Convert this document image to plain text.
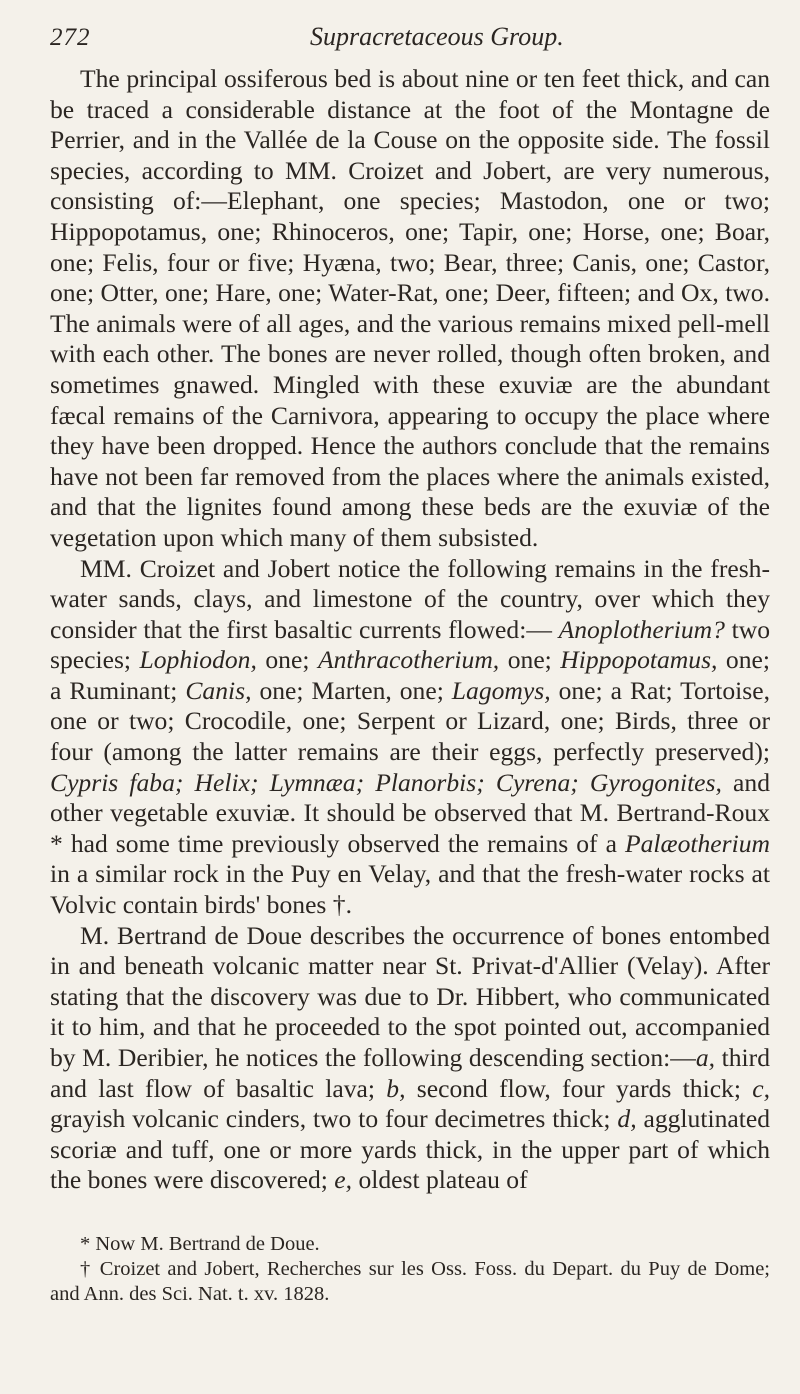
272	Supracretaceous Group.

The principal ossiferous bed is about nine or ten feet thick, and can be traced a considerable distance at the foot of the Montagne de Perrier, and in the Vallée de la Couse on the opposite side. The fossil species, according to MM. Croizet and Jobert, are very numerous, consisting of:—Elephant, one species; Mastodon, one or two; Hippopotamus, one; Rhinoceros, one; Tapir, one; Horse, one; Boar, one; Felis, four or five; Hyæna, two; Bear, three; Canis, one; Castor, one; Otter, one; Hare, one; Water-Rat, one; Deer, fifteen; and Ox, two. The animals were of all ages, and the various remains mixed pell-mell with each other. The bones are never rolled, though often broken, and sometimes gnawed. Mingled with these exuviæ are the abundant fæcal remains of the Carnivora, appearing to occupy the place where they have been dropped. Hence the authors conclude that the remains have not been far removed from the places where the animals existed, and that the lignites found among these beds are the exuviæ of the vegetation upon which many of them subsisted.

MM. Croizet and Jobert notice the following remains in the fresh-water sands, clays, and limestone of the country, over which they consider that the first basaltic currents flowed:— Anoplotherium? two species; Lophiodon, one; Anthracotherium, one; Hippopotamus, one; a Ruminant; Canis, one; Marten, one; Lagomys, one; a Rat; Tortoise, one or two; Crocodile, one; Serpent or Lizard, one; Birds, three or four (among the latter remains are their eggs, perfectly preserved); Cypris faba; Helix; Lymnæa; Planorbis; Cyrena; Gyrogonites, and other vegetable exuviæ. It should be observed that M. Bertrand-Roux * had some time previously observed the remains of a Palæotherium in a similar rock in the Puy en Velay, and that the fresh-water rocks at Volvic contain birds' bones †.

M. Bertrand de Doue describes the occurrence of bones entombed in and beneath volcanic matter near St. Privat-d'Allier (Velay). After stating that the discovery was due to Dr. Hibbert, who communicated it to him, and that he proceeded to the spot pointed out, accompanied by M. Deribier, he notices the following descending section:—a, third and last flow of basaltic lava; b, second flow, four yards thick; c, grayish volcanic cinders, two to four decimetres thick; d, agglutinated scoriæ and tuff, one or more yards thick, in the upper part of which the bones were discovered; e, oldest plateau of

* Now M. Bertrand de Doue.

† Croizet and Jobert, Recherches sur les Oss. Foss. du Depart. du Puy de Dome; and Ann. des Sci. Nat. t. xv. 1828.
